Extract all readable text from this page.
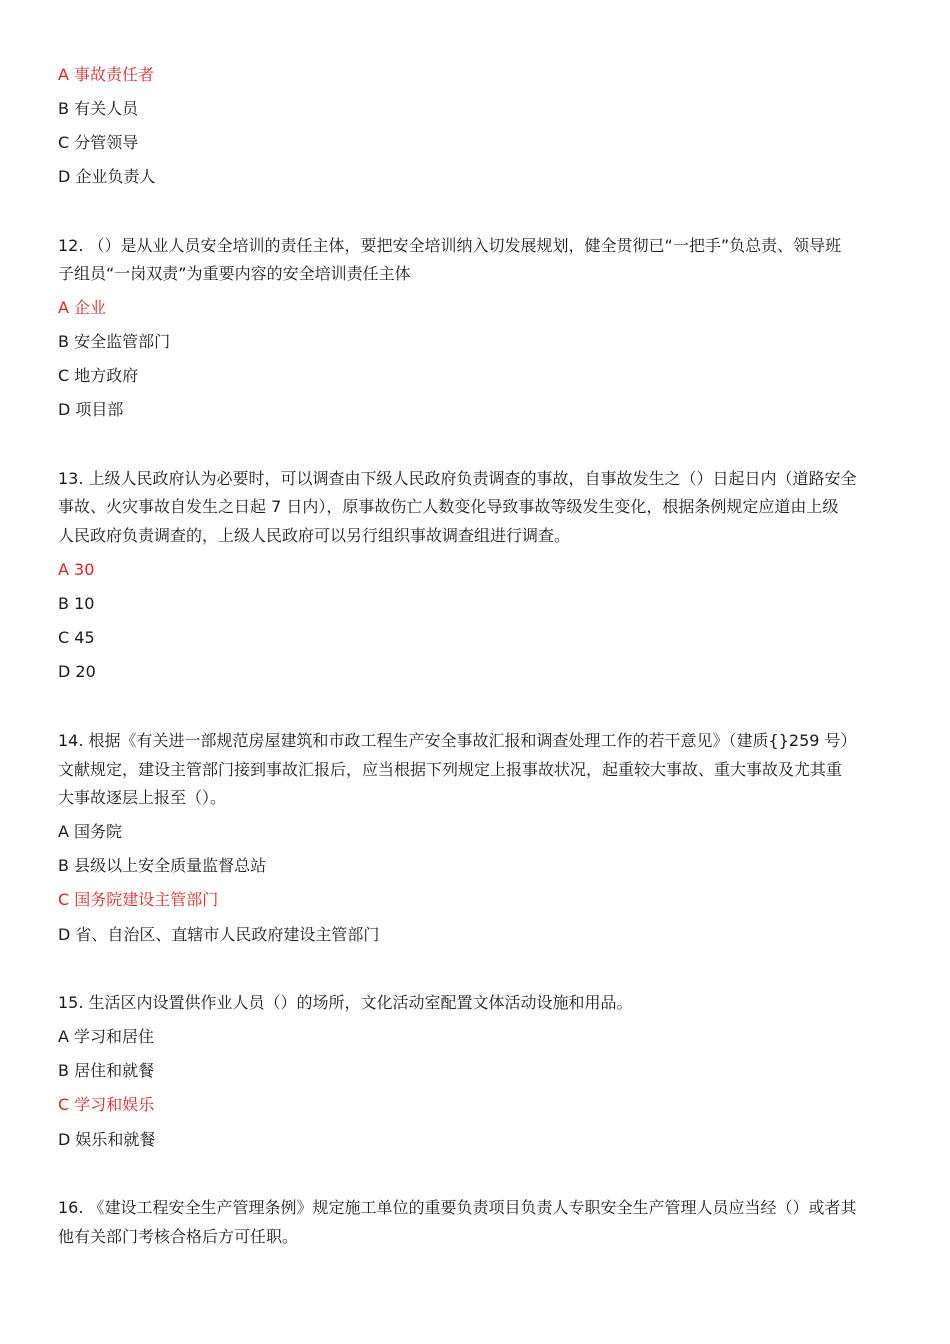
A 事故责任者
B 有关人员
C 分管领导
D 企业负责人
12. （）是从业人员安全培训的责任主体，要把安全培训纳入切发展规划，健全贯彻已“一把手”负总责、领导班
子组员“一岗双责”为重要内容的安全培训责任主体
A 企业
B 安全监管部门
C 地方政府
D 项目部
13. 上级人民政府认为必要时，可以调查由下级人民政府负责调查的事故，自事故发生之（）日起日内（道路安全
事故、火灾事故自发生之日起 7 日内），原事故伤亡人数变化导致事故等级发生变化，根据条例规定应道由上级
人民政府负责调查的，上级人民政府可以另行组织事故调查组进行调查。
A 30
B 10
C 45
D 20
14. 根据《有关进一部规范房屋建筑和市政工程生产安全事故汇报和调查处理工作的若干意见》（建质{}259 号）
文献规定，建设主管部门接到事故汇报后，应当根据下列规定上报事故状况，起重较大事故、重大事故及尤其重
大事故逐层上报至（）。
A 国务院
B 县级以上安全质量监督总站
C 国务院建设主管部门
D 省、自治区、直辖市人民政府建设主管部门
15. 生活区内设置供作业人员（）的场所，文化活动室配置文体活动设施和用品。
A 学习和居住
B 居住和就餐
C 学习和娱乐
D 娱乐和就餐
16. 《建设工程安全生产管理条例》规定施工单位的重要负责项目负责人专职安全生产管理人员应当经（）或者其
他有关部门考核合格后方可任职。
